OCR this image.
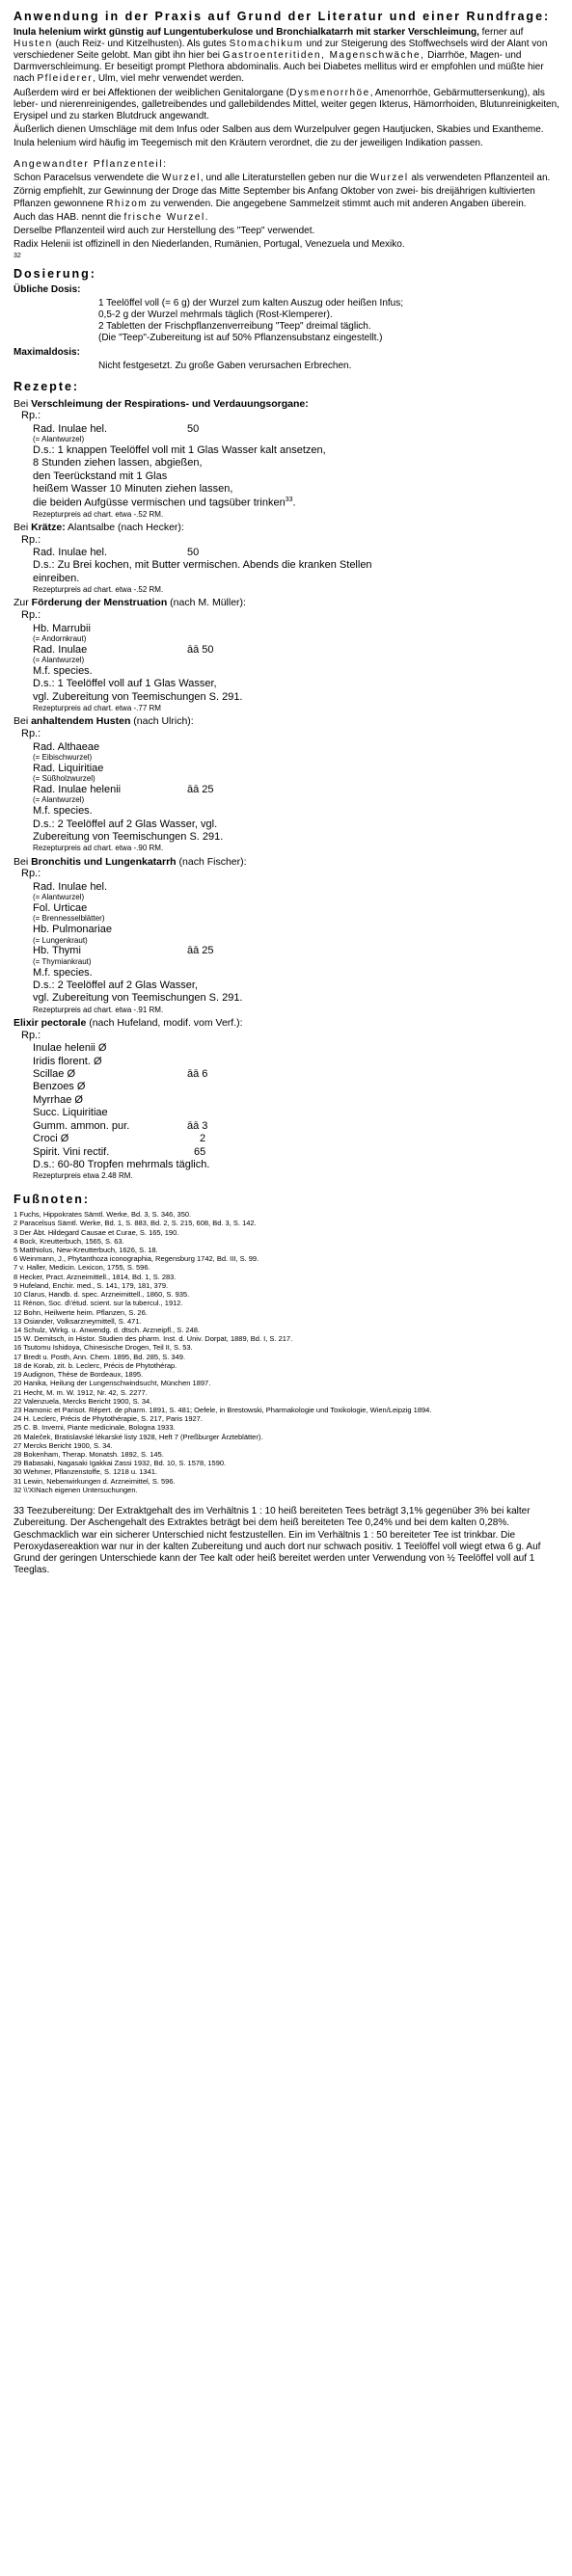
Anwendung in der Praxis auf Grund der Literatur und einer Rundfrage:

Inula helenium wirkt günstig auf Lungentuberkulose und Bronchialkatarrh mit starker Verschleimung, ferner auf Husten (auch Reiz- und Kitzelhusten). Als gutes Stomachikum und zur Steigerung des Stoffwechsels wird der Alant von verschiedener Seite gelobt. Man gibt ihn hier bei Gastroenteritiden, Magenschwäche, Diarrhöe, Magen- und Darmverschleimung. Er beseitigt prompt Plethora abdominalis. Auch bei Diabetes mellitus wird er empfohlen und müßte hier nach Pfleiderer, Ulm, viel mehr verwendet werden.

Außerdem wird er bei Affektionen der weiblichen Genitalorgane (Dysmenorrhöe, Amenorrhöe, Gebärmuttersenkung), als leber- und nierenreinigendes, galletreibendes und gallebildendes Mittel, weiter gegen Ikterus, Hämorrhoiden, Blutunreinigkeiten, Erysipel und zu starken Blutdruck angewandt.

Äußerlich dienen Umschläge mit dem Infus oder Salben aus dem Wurzelpulver gegen Hautjucken, Skabies und Exantheme.

Inula helenium wird häufig im Teegemisch mit den Kräutern verordnet, die zu der jeweiligen Indikation passen.

Angewandter Pflanzenteil:

Schon Paracelsus verwendete die Wurzel, und alle Literaturstellen geben nur die Wurzel als verwendeten Pflanzenteil an.

Zörnig empfiehlt, zur Gewinnung der Droge das Mitte September bis Anfang Oktober von zwei- bis dreijährigen kultivierten Pflanzen gewonnene Rhizom zu verwenden. Die angegebene Sammelzeit stimmt auch mit anderen Angaben überein.

Auch das HAB. nennt die frische Wurzel.

Derselbe Pflanzenteil wird auch zur Herstellung des "Teep" verwendet.

Radix Helenii ist offizinell in den Niederlanden, Rumänien, Portugal, Venezuela und Mexiko.

32
Dosierung:
Übliche Dosis:
1 Teelöffel voll (= 6 g) der Wurzel zum kalten Auszug oder heißen Infus;
0,5-2 g der Wurzel mehrmals täglich (Rost-Klemperer).
2 Tabletten der Frischpflanzenverreibung "Teep" dreimal täglich.
(Die "Teep"-Zubereitung ist auf 50% Pflanzensubstanz eingestellt.)
Maximaldosis:
Nicht festgesetzt. Zu große Gaben verursachen Erbrechen.
Rezepte:
Bei Verschleimung der Respirations- und Verdauungsorgane:
Rp.:
Rad. Inulae hel.	50
(= Alantwurzel)
D.s.: 1 knappen Teelöffel voll mit 1 Glas Wasser kalt ansetzen,
8 Stunden ziehen lassen, abgießen,
den Teerückstand mit 1 Glas
heißem Wasser 10 Minuten ziehen lassen,
die beiden Aufgüsse vermischen und tagsüber trinken$^{33}$.
Rezepturpreis ad chart. etwa -.52 RM.
Bei Krätze: Alantsalbe (nach Hecker):
Rp.:
Rad. Inulae hel.	50
D.s.: Zu Brei kochen, mit Butter vermischen. Abends die kranken Stellen
einreiben.
Rezepturpreis ad chart. etwa -.52 RM.
Zur Förderung der Menstruation (nach M. Müller):
Rp.:
Hb. Marrubii
(= Andornkraut)
Rad. Inulae	āā 50
(= Alantwurzel)
M.f. species.
D.s.: 1 Teelöffel voll auf 1 Glas Wasser,
vgl. Zubereitung von Teemischungen S. 291.
Rezepturpreis ad chart. etwa -.77 RM
Bei anhaltendem Husten (nach Ulrich):
Rp.:
Rad. Althaeae
(= Eibischwurzel)
Rad. Liquiritiae
(= Süßholzwurzel)
Rad. Inulae helenii	āā 25
(= Alantwurzel)
M.f. species.
D.s.: 2 Teelöffel auf 2 Glas Wasser, vgl.
Zubereitung von Teemischungen S. 291.
Rezepturpreis ad chart. etwa -.90 RM.
Bei Bronchitis und Lungenkatarrh (nach Fischer):
Rp.:
Rad. Inulae hel.
(= Alantwurzel)
Fol. Urticae
(= Brennesselblätter)
Hb. Pulmonariae
(= Lungenkraut)
Hb. Thymi	āā 25
(= Thymiankraut)
M.f. species.
D.s.: 2 Teelöffel auf 2 Glas Wasser,
vgl. Zubereitung von Teemischungen S. 291.
Rezepturpreis ad chart. etwa -.91 RM.
Elixir pectorale (nach Hufeland, modif. vom Verf.):
Rp.:
Inulae helenii Ø
Iridis florent. Ø
Scillae Ø	āā 6
Benzoes Ø
Myrrhae Ø
Succ. Liquiritiae
Gumm. ammon. pur.	āā 3
Croci Ø	2
Spirit. Vini rectif.	65
D.s.: 60-80 Tropfen mehrmals täglich.
Rezepturpreis etwa 2.48 RM.
Fußnoten:
1 Fuchs, Hippokrates Sämtl. Werke, Bd. 3, S. 346, 350.
2 Paracelsus Sämtl. Werke, Bd. 1, S. 883, Bd. 2, S. 215, 608, Bd. 3, S. 142.
3 Der Äbt. Hildegard Causae et Curae, S. 165, 190.
4 Bock, Kreutterbuch, 1565, S. 63.
5 Matthiolus, New-Kreutterbuch, 1626, S. 18.
6 Weinmann, J., Phytanthoza iconographia, Regensburg 1742, Bd. III, S. 99.
7 v. Haller, Medicin. Lexicon, 1755, S. 596.
8 Hecker, Pract. Arzneimittell., 1814, Bd. 1, S. 283.
9 Hufeland, Enchir. med., S. 141, 179, 181, 379.
10 Clarus, Handb. d. spec. Arzneimittell., 1860, S. 935.
11 Rénon, Soc. d\'étud. scient. sur la tubercul., 1912.
12 Bohn, Heilwerte heim. Pflanzen, S. 26.
13 Osiander, Volksarzneymittell, S. 471.
14 Schulz, Wirkg. u. Anwendg. d. dtsch. Arzneipfl., S. 248.
15 W. Demitsch, in Histor. Studien des pharm. Inst. d. Univ. Dorpat, 1889, Bd. I, S. 217.
16 Tsutomu Ishidoya, Chinesische Drogen, Teil II, S. 53.
17 Bredt u. Posth, Ann. Chem. 1895, Bd. 285, S. 349.
18 de Korab, zit. b. Leclerc, Précis de Phytothérap.
19 Audignon, Thèse de Bordeaux, 1895.
20 Hanika, Heilung der Lungenschwindsucht, München 1897.
21 Hecht, M. m. W. 1912, Nr. 42, S. 2277.
22 Valenzuela, Mercks Bericht 1900, S. 34.
23 Hamonic et Parisot. Répert. de pharm. 1891, S. 481; Oefele, in Brestowski, Pharmakologie und Toxikologie, Wien/Leipzig 1894.
24 H. Leclerc, Précis de Phytothérapie, S. 217, Paris 1927.
25 C. B. Inverni, Piante medicinale, Bologna 1933.
26 Maleček, Bratislavské lékarské listy 1928, Heft 7 (Preßburger Ärzteblätter).
27 Mercks Bericht 1900, S. 34.
28 Bokenham, Therap. Monatsh. 1892, S. 145.
29 Babasaki, Nagasaki Igakkai Zassi 1932, Bd. 10, S. 1578, 1590.
30 Wehmer, Pflanzenstoffe, S. 1218 u. 1341.
31 Lewin, Nebenwirkungen d. Arzneimittel, S. 596.
32 \\'XINach eigenen Untersuchungen.

33 Teezubereitung: Der Extraktgehalt des im Verhältnis 1 : 10 heiß bereiteten Tees beträgt 3,1% gegenüber 3% bei kalter Zubereitung. Der Aschengehalt des Extraktes beträgt bei dem heiß bereiteten Tee 0,24% und bei dem kalten 0,28%. Geschmacklich war ein sicherer Unterschied nicht festzustellen. Ein im Verhältnis 1 : 50 bereiteter Tee ist trinkbar. Die Peroxydasereaktion war nur in der kalten Zubereitung und auch dort nur schwach positiv. 1 Teelöffel voll wiegt etwa 6 g. Auf Grund der geringen Unterschiede kann der Tee kalt oder heiß bereitet werden unter Verwendung von ½ Teelöffel voll auf 1 Teeglas.
